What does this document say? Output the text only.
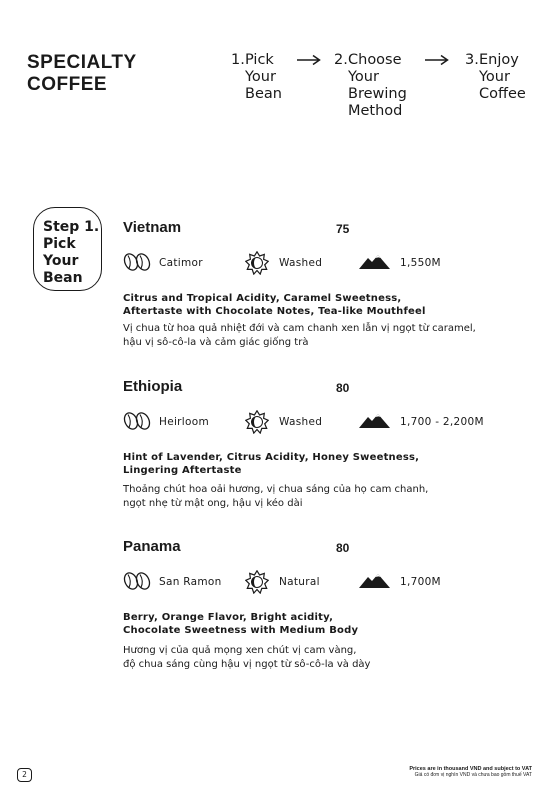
SPECIALTY
COFFEE
1. Pick
Your
Bean
2. Choose
Your
Brewing
Method
3. Enjoy
Your
Coffee
Step 1.
Pick
Your
Bean
Vietnam	75
Catimor	Washed	1,550M
Citrus and Tropical Acidity, Caramel Sweetness,
Aftertaste with Chocolate Notes, Tea-like Mouthfeel
Vị chua từ hoa quả nhiệt đới và cam chanh xen lẫn vị ngọt từ caramel,
hậu vị sô-cô-la và cảm giác giống trà
Ethiopia	80
Heirloom	Washed	1,700 - 2,200M
Hint of Lavender, Citrus Acidity, Honey Sweetness,
Lingering Aftertaste
Thoảng chút hoa oải hương, vị chua sáng của họ cam chanh,
ngọt nhẹ từ mật ong, hậu vị kéo dài
Panama	80
San Ramon	Natural	1,700M
Berry, Orange Flavor, Bright acidity,
Chocolate Sweetness with Medium Body
Hương vị của quả mọng xen chút vị cam vàng,
độ chua sáng cùng hậu vị ngọt từ sô-cô-la và dày
2
Prices are in thousand VND and subject to VAT
Giá có đơn vị nghìn VND và chưa bao gồm thuế VAT
